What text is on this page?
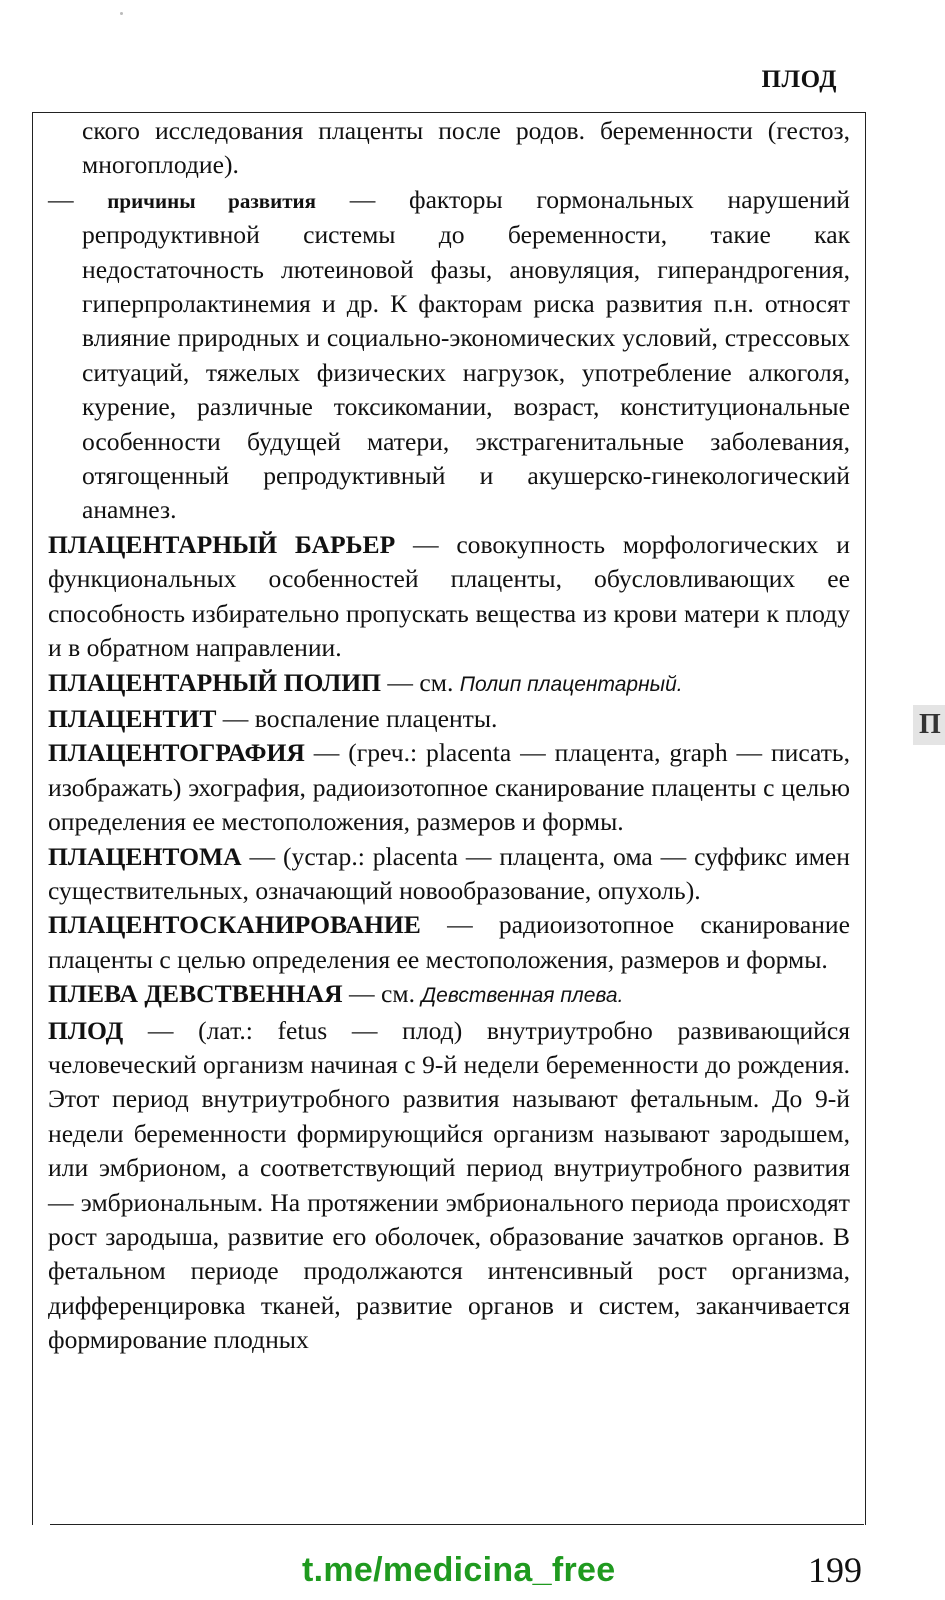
ПЛОД

ского исследования плаценты после родов. беременности (гестоз, многоплодие).

— причины развития — факторы гормональных нарушений репродуктивной системы до беременности, такие как недостаточность лютеиновой фазы, ановуляция, гиперандрогения, гиперпролактинемия и др. К факторам риска развития п.н. относят влияние природных и социально-экономических условий, стрессовых ситуаций, тяжелых физических нагрузок, употребление алкоголя, курение, различные токсикомании, возраст, конституциональные особенности будущей матери, экстрагенитальные заболевания, отягощенный репродуктивный и акушерско-гинекологический анамнез.

ПЛАЦЕНТАРНЫЙ БАРЬЕР — совокупность морфологических и функциональных особенностей плаценты, обусловливающих ее способность избирательно пропускать вещества из крови матери к плоду и в обратном направлении.

ПЛАЦЕНТАРНЫЙ ПОЛИП — см. Полип плацентарный.

ПЛАЦЕНТИТ — воспаление плаценты.

ПЛАЦЕНТОГРАФИЯ — (греч.: placenta — плацента, graph — писать, изображать) эхография, радиоизотопное сканирование плаценты с целью определения ее местоположения, размеров и формы.

ПЛАЦЕНТОМА — (устар.: placenta — плацента, ома — суффикс имен существительных, означающий новообразование, опухоль).

ПЛАЦЕНТОСКАНИРОВАНИЕ — радиоизотопное сканирование плаценты с целью определения ее местоположения, размеров и формы.

ПЛЕВА ДЕВСТВЕННАЯ — см. Девственная плева.

ПЛОД — (лат.: fetus — плод) внутриутробно развивающийся человеческий организм начиная с 9-й недели беременности до рождения. Этот период внутриутробного развития называют фетальным. До 9-й недели беременности формирующийся организм называют зародышем, или эмбрионом, а соответствующий период внутриутробного развития — эмбриональным. На протяжении эмбрионального периода происходят рост зародыша, развитие его оболочек, образование зачатков органов. В фетальном периоде продолжаются интенсивный рост организма, дифференцировка тканей, развитие органов и систем, заканчивается формирование плодных

П
t.me/medicina_free	199
